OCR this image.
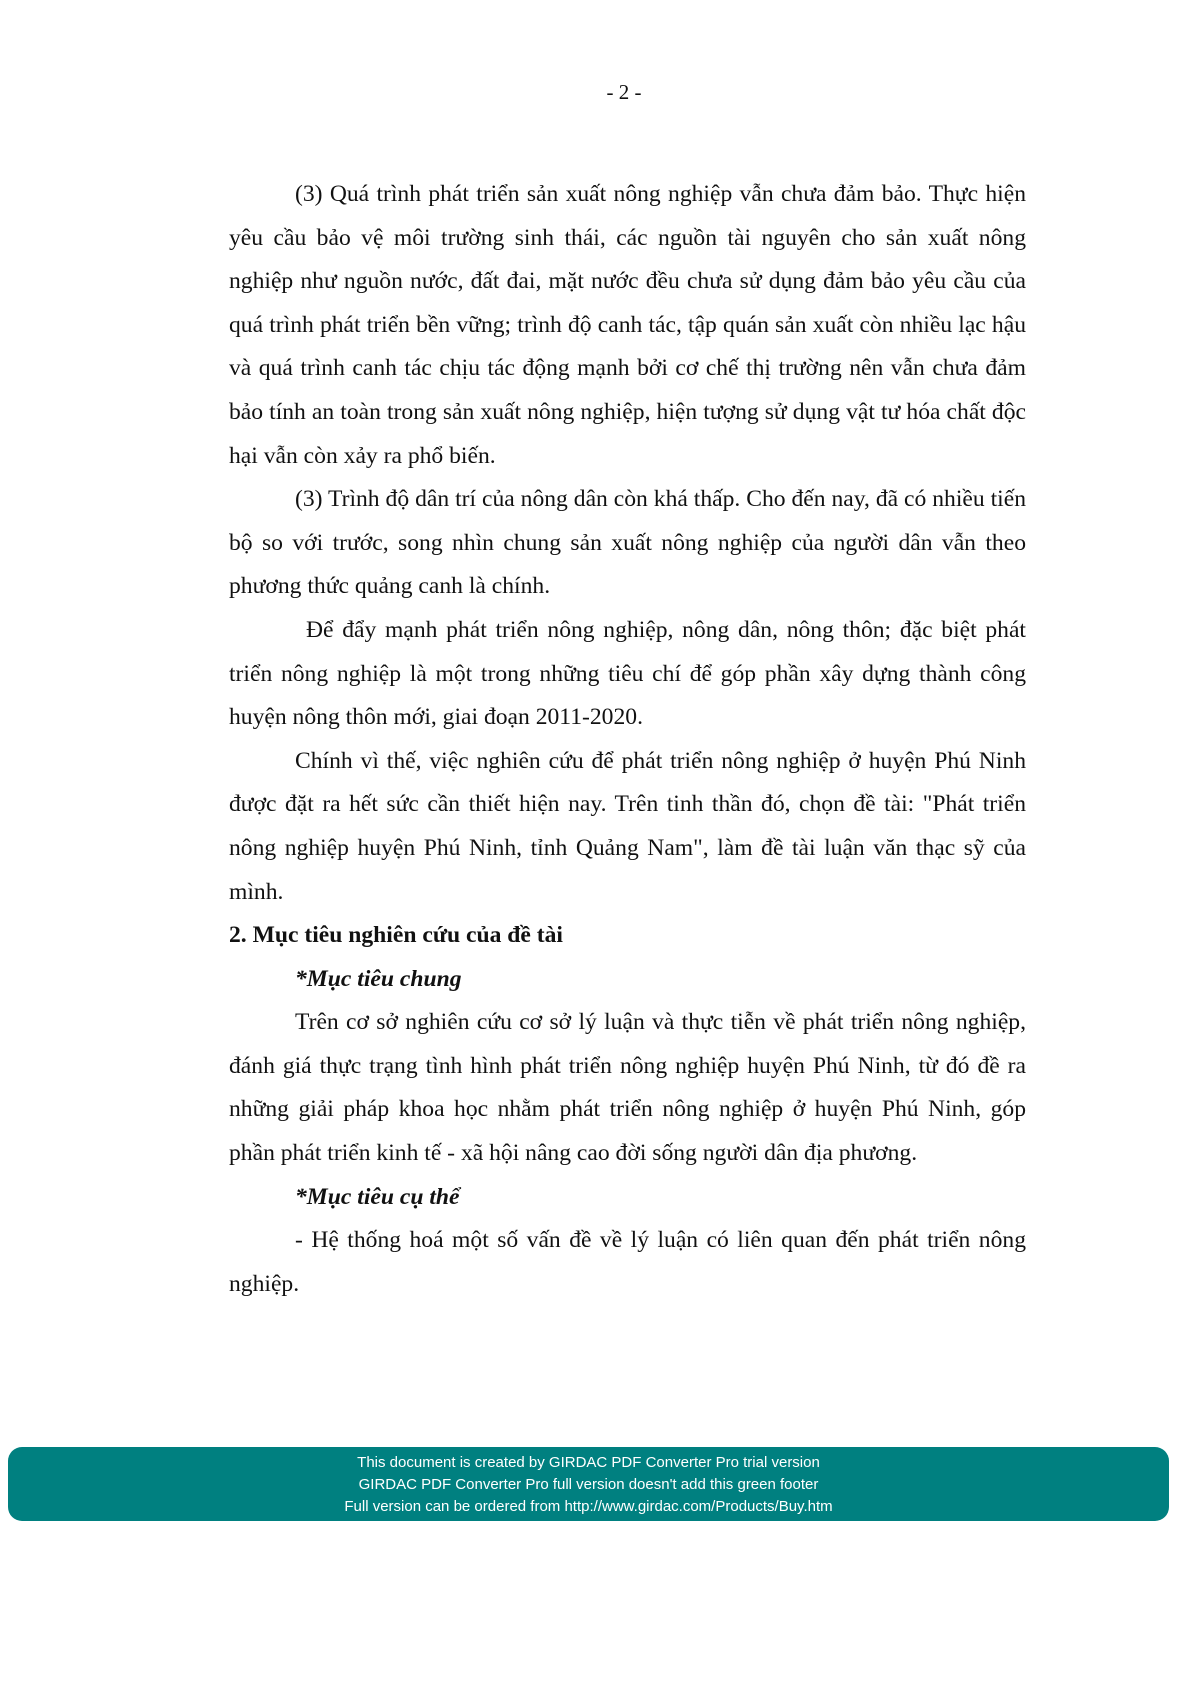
- 2 -

(3) Quá trình phát triển sản xuất nông nghiệp vẫn chưa đảm bảo. Thực hiện yêu cầu bảo vệ môi trường sinh thái, các nguồn tài nguyên cho sản xuất nông nghiệp như nguồn nước, đất đai, mặt nước đều chưa sử dụng đảm bảo yêu cầu của quá trình phát triển bền vững; trình độ canh tác, tập quán sản xuất còn nhiều lạc hậu và quá trình canh tác chịu tác động mạnh bởi cơ chế thị trường nên vẫn chưa đảm bảo tính an toàn trong sản xuất nông nghiệp, hiện tượng sử dụng vật tư hóa chất độc hại vẫn còn xảy ra phổ biến.

(3) Trình độ dân trí của nông dân còn khá thấp. Cho đến nay, đã có nhiều tiến bộ so với trước, song nhìn chung sản xuất nông nghiệp của người dân vẫn theo phương thức quảng canh là chính.

Để đẩy mạnh phát triển nông nghiệp, nông dân, nông thôn; đặc biệt phát triển nông nghiệp là một trong những tiêu chí để góp phần xây dựng thành công huyện nông thôn mới, giai đoạn 2011-2020.

Chính vì thế, việc nghiên cứu để phát triển nông nghiệp ở huyện Phú Ninh được đặt ra hết sức cần thiết hiện nay. Trên tinh thần đó, chọn đề tài: "Phát triển nông nghiệp huyện Phú Ninh, tỉnh Quảng Nam", làm đề tài luận văn thạc sỹ của mình.

2. Mục tiêu nghiên cứu của đề tài
*Mục tiêu chung

Trên cơ sở nghiên cứu cơ sở lý luận và thực tiễn về phát triển nông nghiệp, đánh giá thực trạng tình hình phát triển nông nghiệp huyện Phú Ninh, từ đó đề ra những giải pháp khoa học nhằm phát triển nông nghiệp ở huyện Phú Ninh, góp phần phát triển kinh tế - xã hội nâng cao đời sống người dân địa phương.

*Mục tiêu cụ thể

- Hệ thống hoá một số vấn đề về lý luận có liên quan đến phát triển nông nghiệp.

This document is created by GIRDAC PDF Converter Pro trial version
GIRDAC PDF Converter Pro full version doesn't add this green footer
Full version can be ordered from http://www.girdac.com/Products/Buy.htm
